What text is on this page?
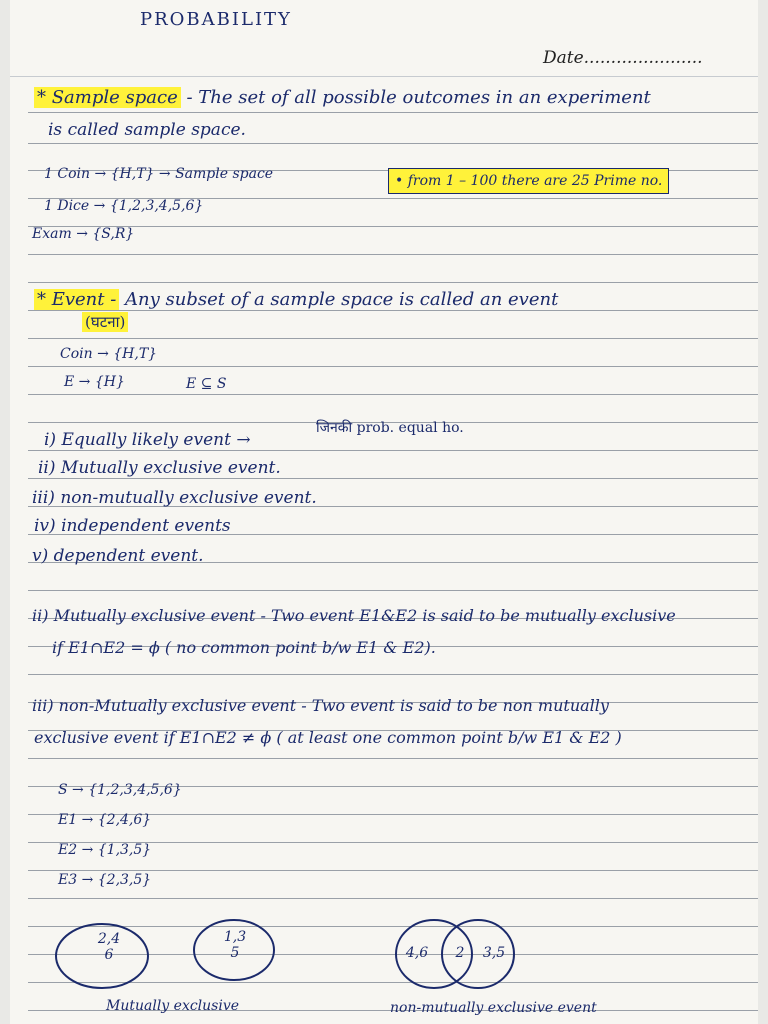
PROBABILITY
Date......................
* Sample space - The set of all possible outcomes in an experiment
is called sample space.
1 Coin → {H,T} → Sample space
1 Dice → {1,2,3,4,5,6}
Exam → {S,R}
• from 1 – 100 there are 25 Prime no.
* Event - Any subset of a sample space is called an event
(घटना)
Coin → {H,T}
E → {H}	E ⊆ S
i) Equally likely event →
जिनकी prob. equal ho.
ii) Mutually exclusive event.
iii) non-mutually exclusive event.
iv) independent events
v) dependent event.
ii) Mutually exclusive event - Two event E1&E2 is said to be mutually exclusive
if E1∩E2 = ϕ ( no common point b/w E1 & E2).
iii) non-Mutually exclusive event - Two event is said to be non mutually
exclusive event if E1∩E2 ≠ ϕ ( at least one common point b/w E1 & E2 )
S → {1,2,3,4,5,6}
E1 → {2,4,6}
E2 → {1,3,5}
E3 → {2,3,5}
2,4
6
1,3
5	4,6	2	3,5
Mutually exclusive	non-mutually exclusive event
